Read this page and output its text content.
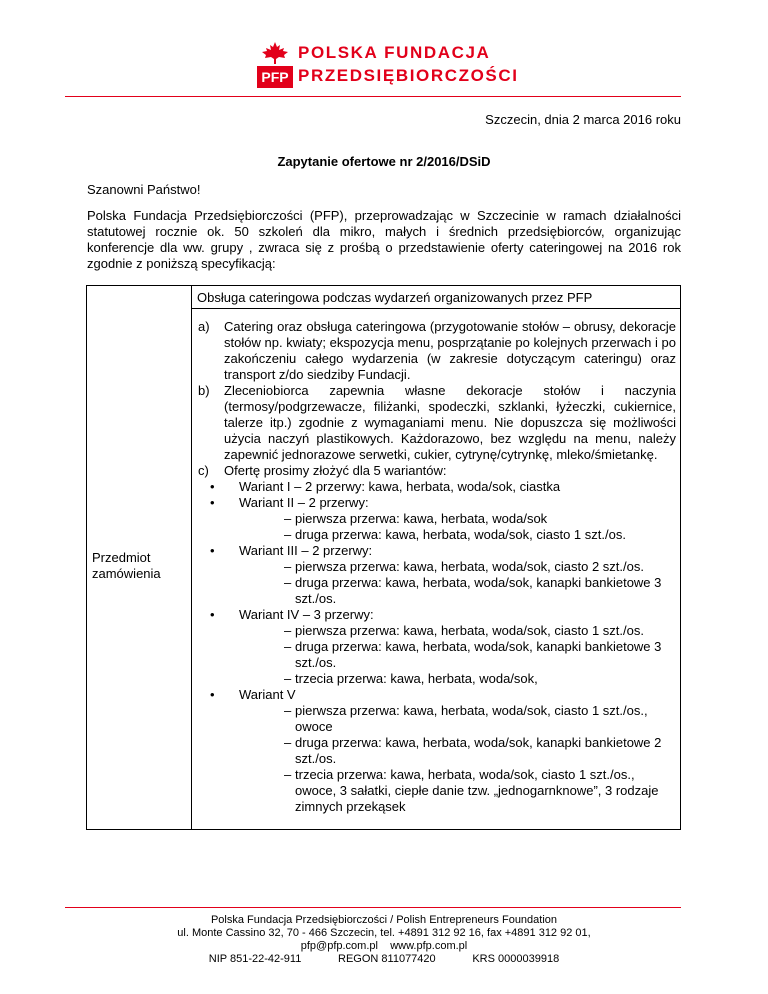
PFP
POLSKA FUNDACJA
PRZEDSIĘBIORCZOŚCI
Szczecin, dnia 2 marca 2016 roku
Zapytanie ofertowe nr 2/2016/DSiD
Szanowni Państwo!
Polska Fundacja Przedsiębiorczości (PFP), przeprowadzając w Szczecinie w ramach działalności statutowej rocznie ok. 50 szkoleń dla mikro, małych i średnich przedsiębiorców, organizując konferencje dla ww. grupy , zwraca się z prośbą o przedstawienie oferty cateringowej na 2016 rok zgodnie z poniższą specyfikacją:
Obsługa cateringowa podczas wydarzeń organizowanych przez PFP
Przedmiot zamówienia
a)	Catering oraz obsługa cateringowa (przygotowanie stołów – obrusy, dekoracje stołów np. kwiaty; ekspozycja menu, posprzątanie po kolejnych przerwach i po zakończeniu całego wydarzenia (w zakresie dotyczącym cateringu) oraz transport z/do siedziby Fundacji.
b)	Zleceniobiorca zapewnia własne dekoracje stołów i naczynia (termosy/podgrzewacze, filiżanki, spodeczki, szklanki, łyżeczki, cukiernice, talerze itp.) zgodnie z wymaganiami menu. Nie dopuszcza się możliwości użycia naczyń plastikowych. Każdorazowo, bez względu na menu, należy zapewnić jednorazowe serwetki, cukier, cytrynę/cytrynkę, mleko/śmietankę.
c)	Ofertę prosimy złożyć dla 5 wariantów:
•	Wariant I – 2 przerwy: kawa, herbata, woda/sok, ciastka
•	Wariant II – 2 przerwy:
– pierwsza przerwa: kawa, herbata, woda/sok
– druga przerwa: kawa, herbata, woda/sok, ciasto 1 szt./os.
•	Wariant III – 2 przerwy:
– pierwsza przerwa: kawa, herbata, woda/sok, ciasto 2 szt./os.
– druga przerwa: kawa, herbata, woda/sok, kanapki bankietowe 3 szt./os.
•	Wariant IV – 3 przerwy:
– pierwsza przerwa: kawa, herbata, woda/sok, ciasto 1 szt./os.
– druga przerwa: kawa, herbata, woda/sok, kanapki bankietowe 3 szt./os.
– trzecia przerwa: kawa, herbata, woda/sok,
•	Wariant V
– pierwsza przerwa: kawa, herbata, woda/sok, ciasto 1 szt./os., owoce
– druga przerwa: kawa, herbata, woda/sok, kanapki bankietowe 2 szt./os.
– trzecia przerwa: kawa, herbata, woda/sok, ciasto 1 szt./os., owoce, 3 sałatki, ciepłe danie tzw. „jednogarnknowe”, 3 rodzaje zimnych przekąsek
Polska Fundacja Przedsiębiorczości / Polish Entrepreneurs Foundation
ul. Monte Cassino 32, 70 - 466 Szczecin, tel. +4891 312 92 16, fax +4891 312 92 01,
pfp@pfp.com.pl www.pfp.com.pl
NIP 851-22-42-911	REGON 811077420	KRS 0000039918
